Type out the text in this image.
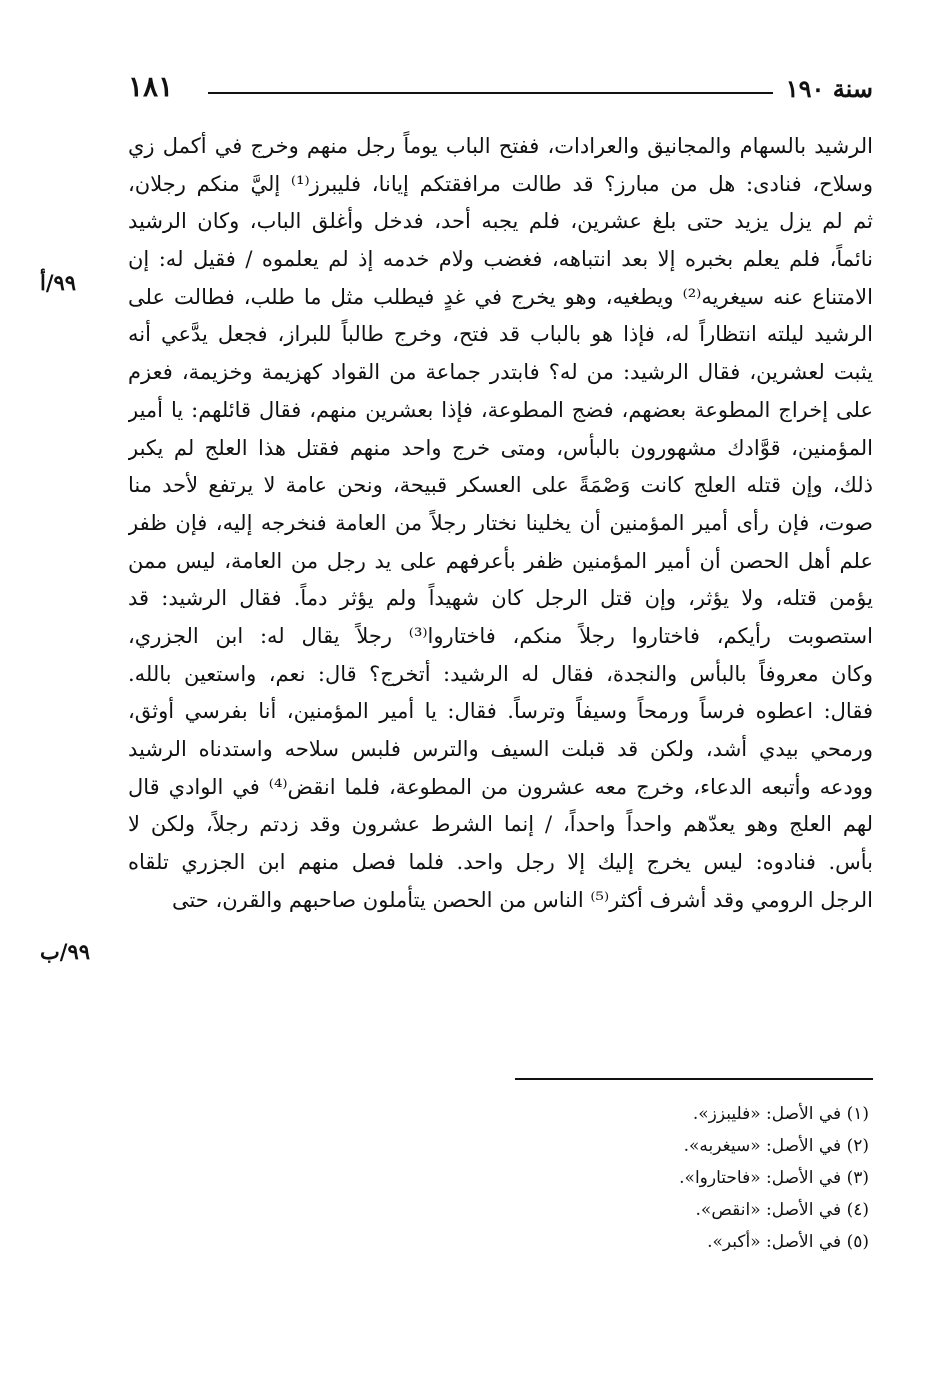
سنة ١٩٠
١٨١
٩٩/أ
٩٩/ب
الرشيد بالسهام والمجانيق والعرادات، ففتح الباب يوماً رجل منهم وخرج في أكمل زي
وسلاح، فنادى: هل من مبارز؟ قد طالت مرافقتكم إيانا، فليبرز⁽¹⁾ إليَّ منكم رجلان،
ثم لم يزل يزيد حتى بلغ عشرين، فلم يجبه أحد، فدخل وأغلق الباب، وكان الرشيد
نائماً، فلم يعلم بخبره إلا بعد انتباهه، فغضب ولام خدمه إذ لم يعلموه / فقيل له: إن
الامتناع عنه سيغريه⁽²⁾ ويطغيه، وهو يخرج في غدٍ فيطلب مثل ما طلب، فطالت على
الرشيد ليلته انتظاراً له، فإذا هو بالباب قد فتح، وخرج طالباً للبراز، فجعل يدَّعي أنه
يثبت لعشرين، فقال الرشيد: من له؟ فابتدر جماعة من القواد كهزيمة وخزيمة، فعزم
على إخراج المطوعة بعضهم، فضج المطوعة، فإذا بعشرين منهم، فقال قائلهم: يا أمير
المؤمنين، قوَّادك مشهورون بالبأس، ومتى خرج واحد منهم فقتل هذا العلج لم يكبر
ذلك، وإن قتله العلج كانت وَصْمَةً على العسكر قبيحة، ونحن عامة لا يرتفع لأحد منا
صوت، فإن رأى أمير المؤمنين أن يخلينا نختار رجلاً من العامة فنخرجه إليه، فإن ظفر
علم أهل الحصن أن أمير المؤمنين ظفر بأعرفهم على يد رجل من العامة، ليس ممن
يؤمن قتله، ولا يؤثر، وإن قتل الرجل كان شهيداً ولم يؤثر دماً. فقال الرشيد: قد
استصوبت رأيكم، فاختاروا رجلاً منكم، فاختاروا⁽³⁾ رجلاً يقال له: ابن الجزري،
وكان معروفاً بالبأس والنجدة، فقال له الرشيد: أتخرج؟ قال: نعم، واستعين بالله.
فقال: اعطوه فرساً ورمحاً وسيفاً وترساً. فقال: يا أمير المؤمنين، أنا بفرسي أوثق،
ورمحي بيدي أشد، ولكن قد قبلت السيف والترس فلبس سلاحه واستدناه الرشيد
وودعه وأتبعه الدعاء، وخرج معه عشرون من المطوعة، فلما انقض⁽⁴⁾ في الوادي قال
لهم العلج وهو يعدّهم واحداً واحداً، / إنما الشرط عشرون وقد زدتم رجلاً، ولكن لا
بأس. فنادوه: ليس يخرج إليك إلا رجل واحد. فلما فصل منهم ابن الجزري تلقاه
الرجل الرومي وقد أشرف أكثر⁽⁵⁾ الناس من الحصن يتأملون صاحبهم والقرن، حتى
(١) في الأصل: «فليبزز».
(٢) في الأصل: «سيغربه».
(٣) في الأصل: «فاحتاروا».
(٤) في الأصل: «انقص».
(٥) في الأصل: «أكبر».
